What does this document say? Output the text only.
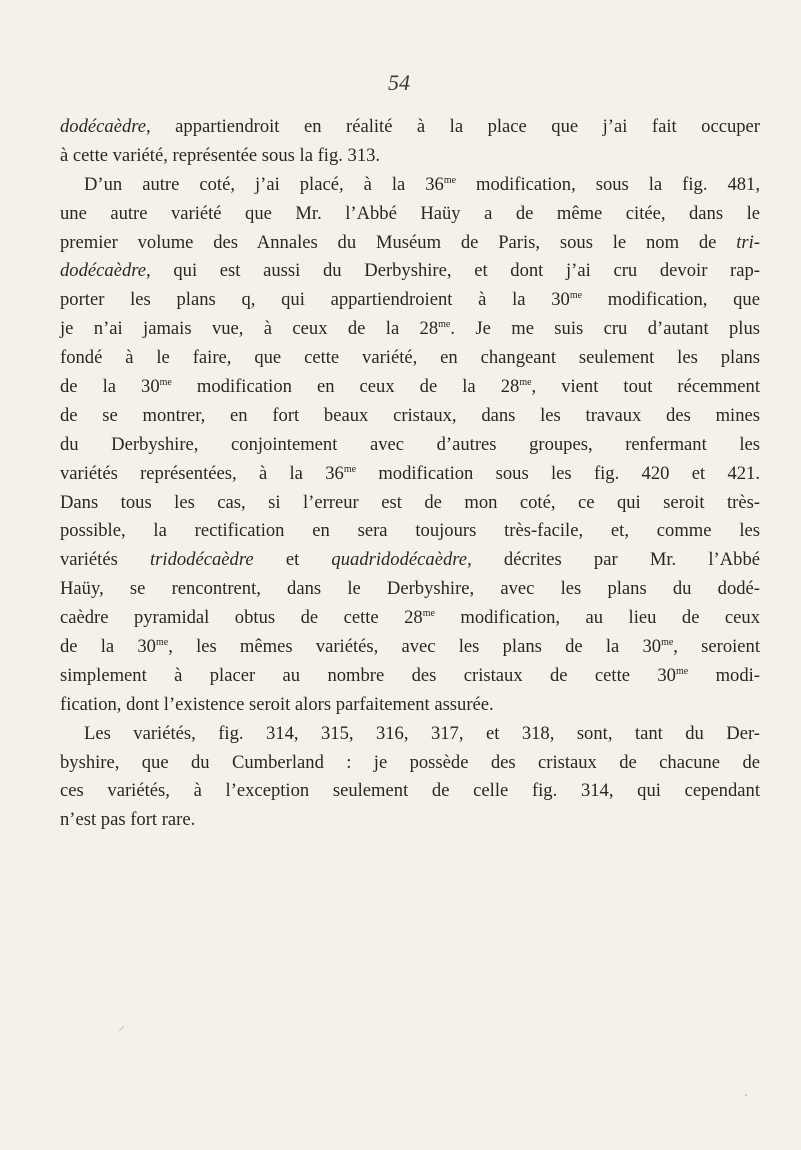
54
dodécaèdre, appartiendroit en réalité à la place que j’ai fait occuper
à cette variété, représentée sous la fig. 313.
D’un autre coté, j’ai placé, à la $36^{me}$ modification, sous la fig. 481,
une autre variété que Mr. l’Abbé Haüy a de même citée, dans le
premier volume des Annales du Muséum de Paris, sous le nom de tri-
dodécaèdre, qui est aussi du Derbyshire, et dont j’ai cru devoir rap-
porter les plans q, qui appartiendroient à la $30^{me}$ modification, que
je n’ai jamais vue, à ceux de la $28^{me}$. Je me suis cru d’autant plus
fondé à le faire, que cette variété, en changeant seulement les plans
de la $30^{me}$ modification en ceux de la $28^{me}$, vient tout récemment
de se montrer, en fort beaux cristaux, dans les travaux des mines
du Derbyshire, conjointement avec d’autres groupes, renfermant les
variétés représentées, à la $36^{me}$ modification sous les fig. 420 et 421.
Dans tous les cas, si l’erreur est de mon coté, ce qui seroit très-
possible, la rectification en sera toujours très-facile, et, comme les
variétés tridodécaèdre et quadridodécaèdre, décrites par Mr. l’Abbé
Haüy, se rencontrent, dans le Derbyshire, avec les plans du dodé-
caèdre pyramidal obtus de cette $28^{me}$ modification, au lieu de ceux
de la $30^{me}$, les mêmes variétés, avec les plans de la $30^{me}$, seroient
simplement à placer au nombre des cristaux de cette $30^{me}$ modi-
fication, dont l’existence seroit alors parfaitement assurée.
Les variétés, fig. 314, 315, 316, 317, et 318, sont, tant du Der-
byshire, que du Cumberland : je possède des cristaux de chacune de
ces variétés, à l’exception seulement de celle fig. 314, qui cependant
n’est pas fort rare.
⸍
·
